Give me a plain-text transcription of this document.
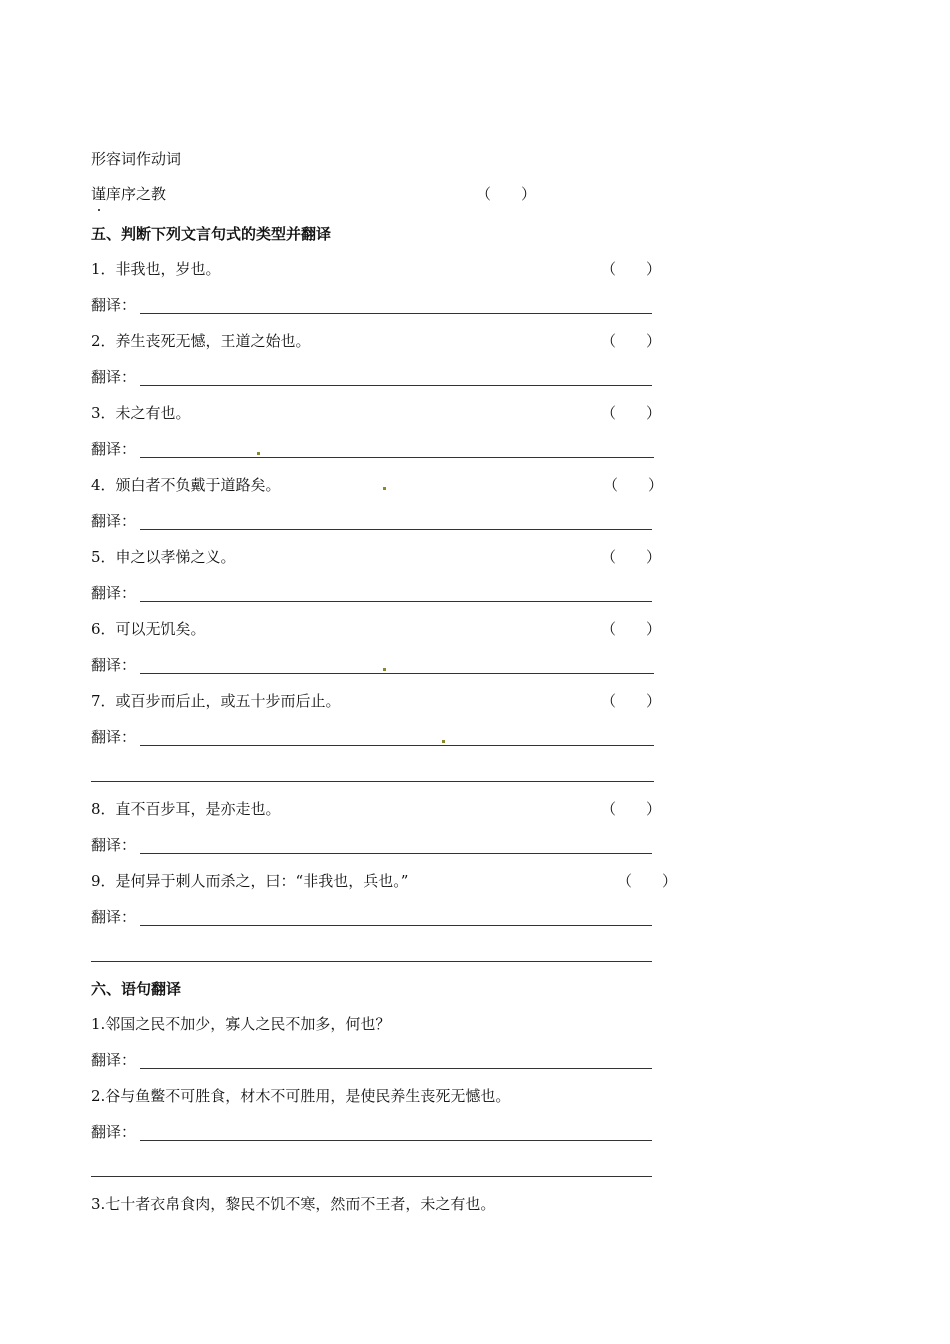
形容词作动词
谨庠序之教	（　　）
五、判断下列文言句式的类型并翻译
1．非我也，岁也。	（　　）
翻译：
2．养生丧死无憾，王道之始也。	（　　）
翻译：
3．未之有也。	（　　）
翻译：
4．颁白者不负戴于道路矣。	（　　）
翻译：
5．申之以孝悌之义。	（　　）
翻译：
6．可以无饥矣。	（　　）
翻译：
7．或百步而后止，或五十步而后止。	（　　）
翻译：
8．直不百步耳，是亦走也。	（　　）
翻译：
9．是何异于刺人而杀之，曰：“非我也，兵也。”	（　　）
翻译：
六、语句翻译
1.邻国之民不加少，寡人之民不加多，何也？
翻译：
2.谷与鱼鳖不可胜食，材木不可胜用，是使民养生丧死无憾也。
翻译：
3.七十者衣帛食肉，黎民不饥不寒，然而不王者，未之有也。
